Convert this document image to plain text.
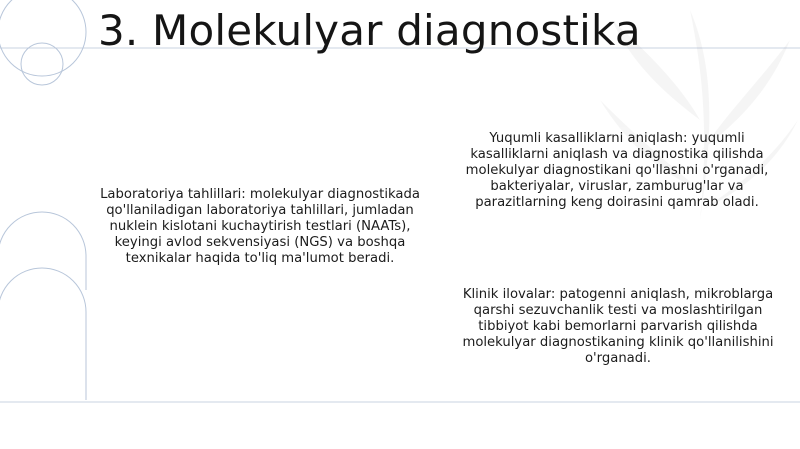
3. Molekulyar diagnostika
Laboratoriya tahlillari: molekulyar diagnostikada qo'llaniladigan laboratoriya tahlillari, jumladan nuklein kislotani kuchaytirish testlari (NAATs), keyingi avlod sekvensiyasi (NGS) va boshqa texnikalar haqida to'liq ma'lumot beradi.
Yuqumli kasalliklarni aniqlash: yuqumli kasalliklarni aniqlash va diagnostika qilishda molekulyar diagnostikani qo'llashni o'rganadi, bakteriyalar, viruslar, zamburug'lar va parazitlarning keng doirasini qamrab oladi.
Klinik ilovalar: patogenni aniqlash, mikroblarga qarshi sezuvchanlik testi va moslashtirilgan tibbiyot kabi bemorlarni parvarish qilishda molekulyar diagnostikaning klinik qo'llanilishini o'rganadi.
